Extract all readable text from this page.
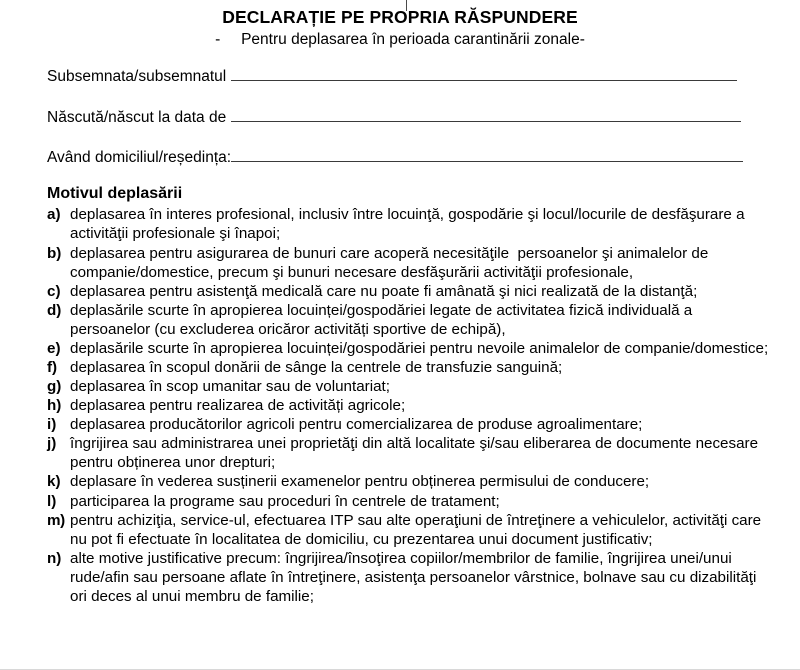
DECLARAȚIE PE PROPRIA RĂSPUNDERE
-	Pentru deplasarea în perioada carantinării zonale-
Subsemnata/subsemnatul
Născută/născut la data de
Având domiciliul/reședința:
Motivul deplasării
a) deplasarea în interes profesional, inclusiv între locuinţă, gospodărie şi locul/locurile de desfăşurare a activităţii profesionale şi înapoi;
b) deplasarea pentru asigurarea de bunuri care acoperă necesităţile  persoanelor şi animalelor de companie/domestice, precum şi bunuri necesare desfăşurării activităţii profesionale,
c) deplasarea pentru asistenţă medicală care nu poate fi amânată şi nici realizată de la distanţă;
d) deplasările scurte în apropierea locuinței/gospodăriei legate de activitatea fizică individuală a persoanelor (cu excluderea oricăror activități sportive de echipă),
e) deplasările scurte în apropierea locuinței/gospodăriei pentru nevoile animalelor de companie/domestice;
f) deplasarea în scopul donării de sânge la centrele de transfuzie sanguină;
g) deplasarea în scop umanitar sau de voluntariat;
h) deplasarea pentru realizarea de activități agricole;
i) deplasarea producătorilor agricoli pentru comercializarea de produse agroalimentare;
j) îngrijirea sau administrarea unei proprietăţi din altă localitate şi/sau eliberarea de documente necesare pentru obținerea unor drepturi;
k) deplasare în vederea susținerii examenelor pentru obținerea permisului de conducere;
l) participarea la programe sau proceduri în centrele de tratament;
m) pentru achiziţia, service-ul, efectuarea ITP sau alte operaţiuni de întreţinere a vehiculelor, activităţi care nu pot fi efectuate în localitatea de domiciliu, cu prezentarea unui document justificativ;
n) alte motive justificative precum: îngrijirea/însoţirea copiilor/membrilor de familie, îngrijirea unei/unui rude/afin sau persoane aflate în întreţinere, asistenţa persoanelor vârstnice, bolnave sau cu dizabilităţi ori deces al unui membru de familie;
